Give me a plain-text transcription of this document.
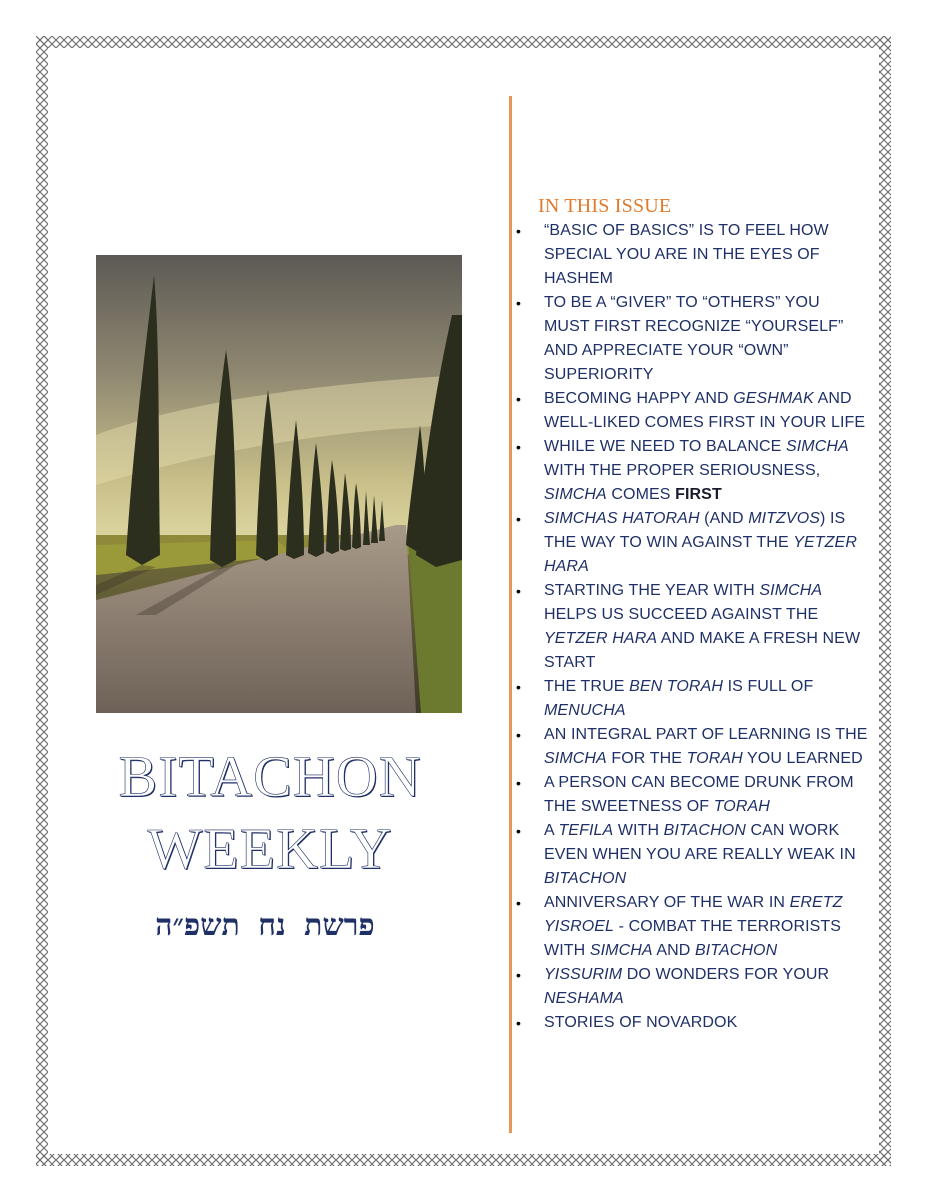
BITACHON
WEEKLY
פרשת נח תשפ״ה
IN THIS ISSUE
• “BASIC OF BASICS” IS TO FEEL HOW SPECIAL YOU ARE IN THE EYES OF HASHEM
• TO BE A “GIVER” TO “OTHERS” YOU MUST FIRST RECOGNIZE “YOURSELF” AND APPRECIATE YOUR “OWN” SUPERIORITY
• BECOMING HAPPY AND GESHMAK AND WELL-LIKED COMES FIRST IN YOUR LIFE
• WHILE WE NEED TO BALANCE SIMCHA WITH THE PROPER SERIOUSNESS, SIMCHA COMES FIRST
• SIMCHAS HATORAH (AND MITZVOS) IS THE WAY TO WIN AGAINST THE YETZER HARA
• STARTING THE YEAR WITH SIMCHA HELPS US SUCCEED AGAINST THE YETZER HARA AND MAKE A FRESH NEW START
• THE TRUE BEN TORAH IS FULL OF MENUCHA
• AN INTEGRAL PART OF LEARNING IS THE SIMCHA FOR THE TORAH YOU LEARNED
• A PERSON CAN BECOME DRUNK FROM THE SWEETNESS OF TORAH
• A TEFILA WITH BITACHON CAN WORK EVEN WHEN YOU ARE REALLY WEAK IN BITACHON
• ANNIVERSARY OF THE WAR IN ERETZ YISROEL - COMBAT THE TERRORISTS WITH SIMCHA AND BITACHON
• YISSURIM DO WONDERS FOR YOUR NESHAMA
• STORIES OF NOVARDOK
